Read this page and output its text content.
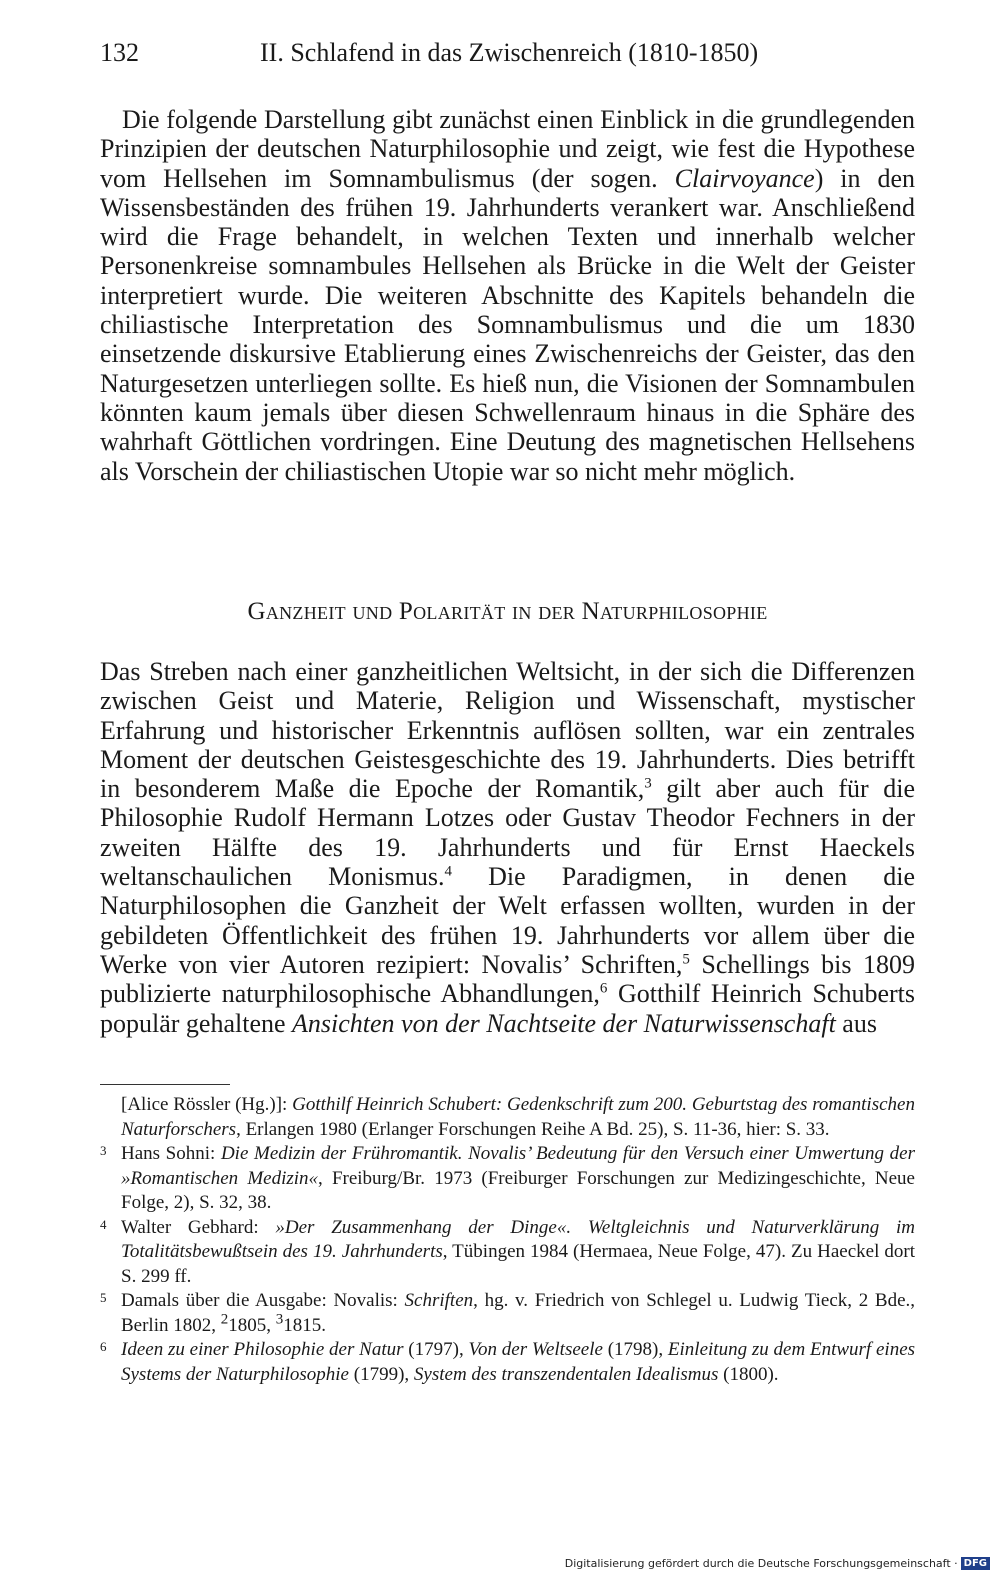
132	II. Schlafend in das Zwischenreich (1810-1850)

Die folgende Darstellung gibt zunächst einen Einblick in die grundlegenden Prinzipien der deutschen Naturphilosophie und zeigt, wie fest die Hypothese vom Hellsehen im Somnambulismus (der sogen. Clairvoyance) in den Wissensbeständen des frühen 19. Jahrhunderts verankert war. Anschließend wird die Frage behandelt, in welchen Texten und innerhalb welcher Personenkreise somnambules Hellsehen als Brücke in die Welt der Geister interpretiert wurde. Die weiteren Abschnitte des Kapitels behandeln die chiliastische Interpretation des Somnambulismus und die um 1830 einsetzende diskursive Etablierung eines Zwischenreichs der Geister, das den Naturgesetzen unterliegen sollte. Es hieß nun, die Visionen der Somnambulen könnten kaum jemals über diesen Schwellenraum hinaus in die Sphäre des wahrhaft Göttlichen vordringen. Eine Deutung des magnetischen Hellsehens als Vorschein der chiliastischen Utopie war so nicht mehr möglich.

Ganzheit und Polarität in der Naturphilosophie

Das Streben nach einer ganzheitlichen Weltsicht, in der sich die Differenzen zwischen Geist und Materie, Religion und Wissenschaft, mystischer Erfahrung und historischer Erkenntnis auflösen sollten, war ein zentrales Moment der deutschen Geistesgeschichte des 19. Jahrhunderts. Dies betrifft in besonderem Maße die Epoche der Romantik,$^3$ gilt aber auch für die Philosophie Rudolf Hermann Lotzes oder Gustav Theodor Fechners in der zweiten Hälfte des 19. Jahrhunderts und für Ernst Haeckels weltanschaulichen Monismus.$^4$ Die Paradigmen, in denen die Naturphilosophen die Ganzheit der Welt erfassen wollten, wurden in der gebildeten Öffentlichkeit des frühen 19. Jahrhunderts vor allem über die Werke von vier Autoren rezipiert: Novalis’ Schriften,$^5$ Schellings bis 1809 publizierte naturphilosophische Abhandlungen,$^6$ Gotthilf Heinrich Schuberts populär gehaltene Ansichten von der Nachtseite der Naturwissenschaft aus

[Alice Rössler (Hg.)]: Gotthilf Heinrich Schubert: Gedenkschrift zum 200. Geburtstag des romantischen Naturforschers, Erlangen 1980 (Erlanger Forschungen Reihe A Bd. 25), S. 11-36, hier: S. 33.
3 Hans Sohni: Die Medizin der Frühromantik. Novalis’ Bedeutung für den Versuch einer Umwertung der »Romantischen Medizin«, Freiburg/Br. 1973 (Freiburger Forschungen zur Medizingeschichte, Neue Folge, 2), S. 32, 38.
4 Walter Gebhard: »Der Zusammenhang der Dinge«. Weltgleichnis und Naturverklärung im Totalitätsbewußtsein des 19. Jahrhunderts, Tübingen 1984 (Hermaea, Neue Folge, 47). Zu Haeckel dort S. 299 ff.
5 Damals über die Ausgabe: Novalis: Schriften, hg. v. Friedrich von Schlegel u. Ludwig Tieck, 2 Bde., Berlin 1802, $^2$1805, $^3$1815.
6 Ideen zu einer Philosophie der Natur (1797), Von der Weltseele (1798), Einleitung zu dem Entwurf eines Systems der Naturphilosophie (1799), System des transzendentalen Idealismus (1800).
Digitalisierung gefördert durch die Deutsche Forschungsgemeinschaft · DFG
